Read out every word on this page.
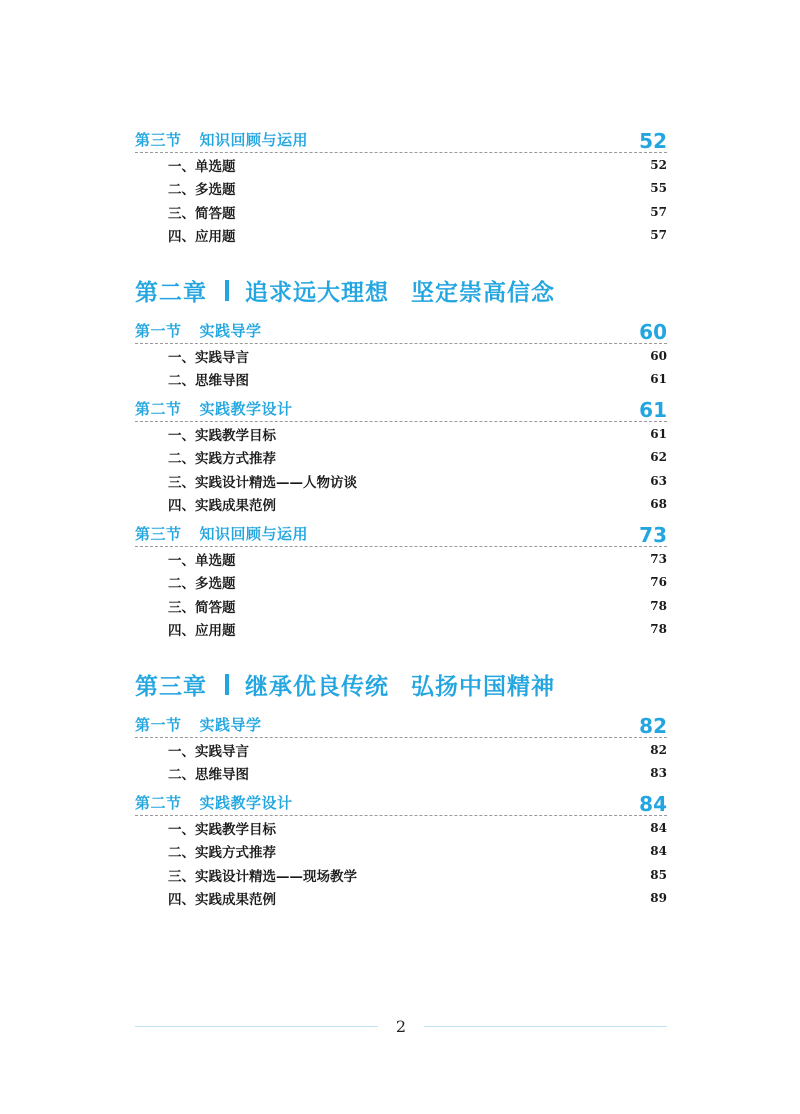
第三节 知识回顾与运用	52
一、单选题	52
二、多选题	55
三、简答题	57
四、应用题	57
第二章 追求远大理想 坚定崇高信念
第一节 实践导学	60
一、实践导言	60
二、思维导图	61
第二节 实践教学设计	61
一、实践教学目标	61
二、实践方式推荐	62
三、实践设计精选——人物访谈	63
四、实践成果范例	68
第三节 知识回顾与运用	73
一、单选题	73
二、多选题	76
三、简答题	78
四、应用题	78
第三章 继承优良传统 弘扬中国精神
第一节 实践导学	82
一、实践导言	82
二、思维导图	83
第二节 实践教学设计	84
一、实践教学目标	84
二、实践方式推荐	84
三、实践设计精选——现场教学	85
四、实践成果范例	89
2
